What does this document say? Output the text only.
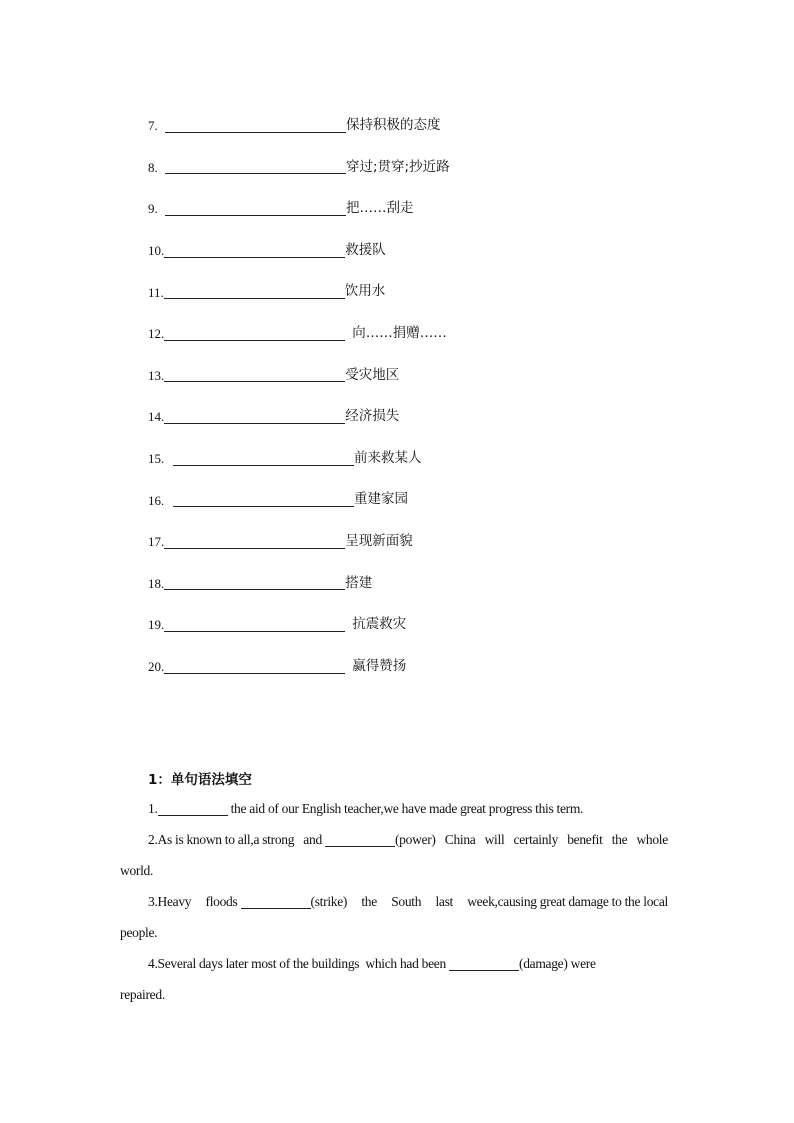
7.	保持积极的态度
8.	穿过;贯穿;抄近路
9.	把……刮走
10.	救援队
11.	饮用水
12.	向……捐赠……
13.	受灾地区
14.	经济损失
15.	前来救某人
16.	重建家园
17.	呈现新面貌
18.	搭建
19.	抗震救灾
20.	赢得赞扬
1：单句语法填空
1.	the aid of our English teacher,we have made great progress this term.
2.As is known to all,a strong and	(power) China will certainly benefit the whole
world.
3.Heavy floods	(strike) the South last week,causing great damage to the local
people.
4.Several days later most of the buildings which had been	(damage) were
repaired.
